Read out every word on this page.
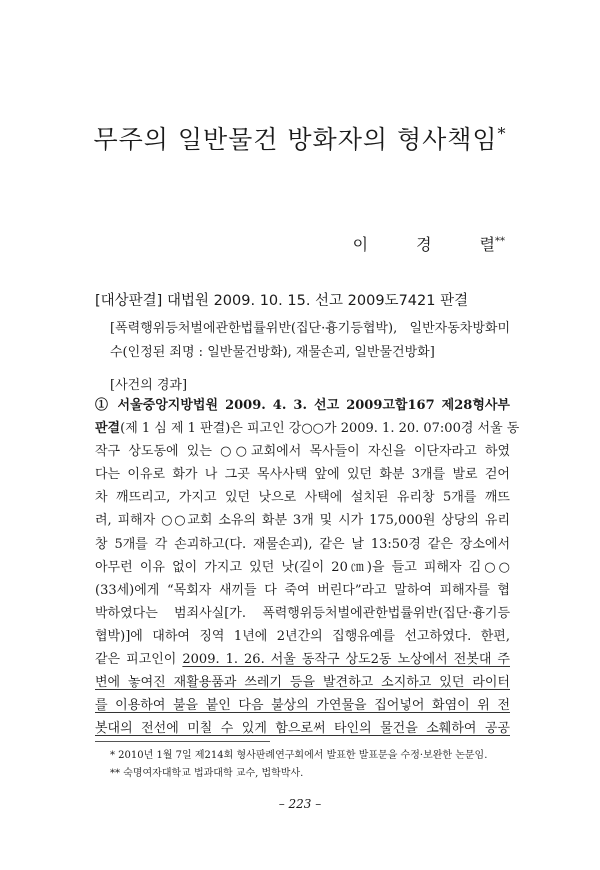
무주의 일반물건 방화자의 형사책임*
이	경	렬**
[대상판결] 대법원 2009. 10. 15. 선고 2009도7421 판결
[폭력행위등처벌에관한법률위반(집단·흉기등협박), 일반자동차방화미수(인정된 죄명 : 일반물건방화), 재물손괴, 일반물건방화]
[사건의 경과]
① 서울중앙지방법원 2009. 4. 3. 선고 2009고합167 제28형사부
판결(제 1 심 제 1 판결)은 피고인 강○○가 2009. 1. 20. 07:00경 서울 동
작구 상도동에 있는 ○○교회에서 목사들이 자신을 이단자라고 하였
다는 이유로 화가 나 그곳 목사사택 앞에 있던 화분 3개를 발로 걷어
차 깨뜨리고, 가지고 있던 낫으로 사택에 설치된 유리창 5개를 깨뜨
려, 피해자 ○○교회 소유의 화분 3개 및 시가 175,000원 상당의 유리
창 5개를 각 손괴하고(다. 재물손괴), 같은 날 13:50경 같은 장소에서
아무런 이유 없이 가지고 있던 낫(길이 20㎝)을 들고 피해자 김○○
(33세)에게 “목회자 새끼들 다 죽여 버린다”라고 말하여 피해자를 협
박하였다는 범죄사실[가. 폭력행위등처벌에관한법률위반(집단·흉기등
협박)]에 대하여 징역 1년에 2년간의 집행유예를 선고하였다. 한편,
같은 피고인이 2009. 1. 26. 서울 동작구 상도2동 노상에서 전봇대 주
변에 놓여진 재활용품과 쓰레기 등을 발견하고 소지하고 있던 라이터
를 이용하여 불을 붙인 다음 불상의 가연물을 집어넣어 화염이 위 전
봇대의 전선에 미칠 수 있게 함으로써 타인의 물건을 소훼하여 공공
* 2010년 1월 7일 제214회 형사판례연구회에서 발표한 발표문을 수정·보완한 논문임.
** 숙명여자대학교 법과대학 교수, 법학박사.
– 223 –
